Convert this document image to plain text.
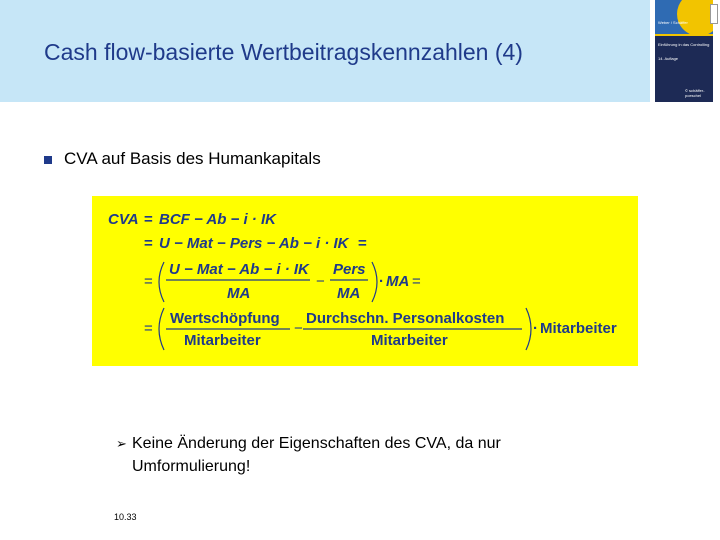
Cash flow-basierte Wertbeitragskennzahlen (4)
Weber / Schäffer
Einführung in das Controlling
14. Auflage
© schäffer-poeschel
CVA auf Basis des Humankapitals
CVA = BCF − Ab − i · IK
= U − Mat − Pers − Ab − i · IK =
=
U − Mat − Ab − i · IK
MA
−
Pers
MA
· MA =
=
Wertschöpfung
Mitarbeiter
−
Durchschn. Personalkosten
Mitarbeiter
· Mitarbeiter
➢ Keine Änderung der Eigenschaften des CVA, da nur Umformulierung!
10.33
